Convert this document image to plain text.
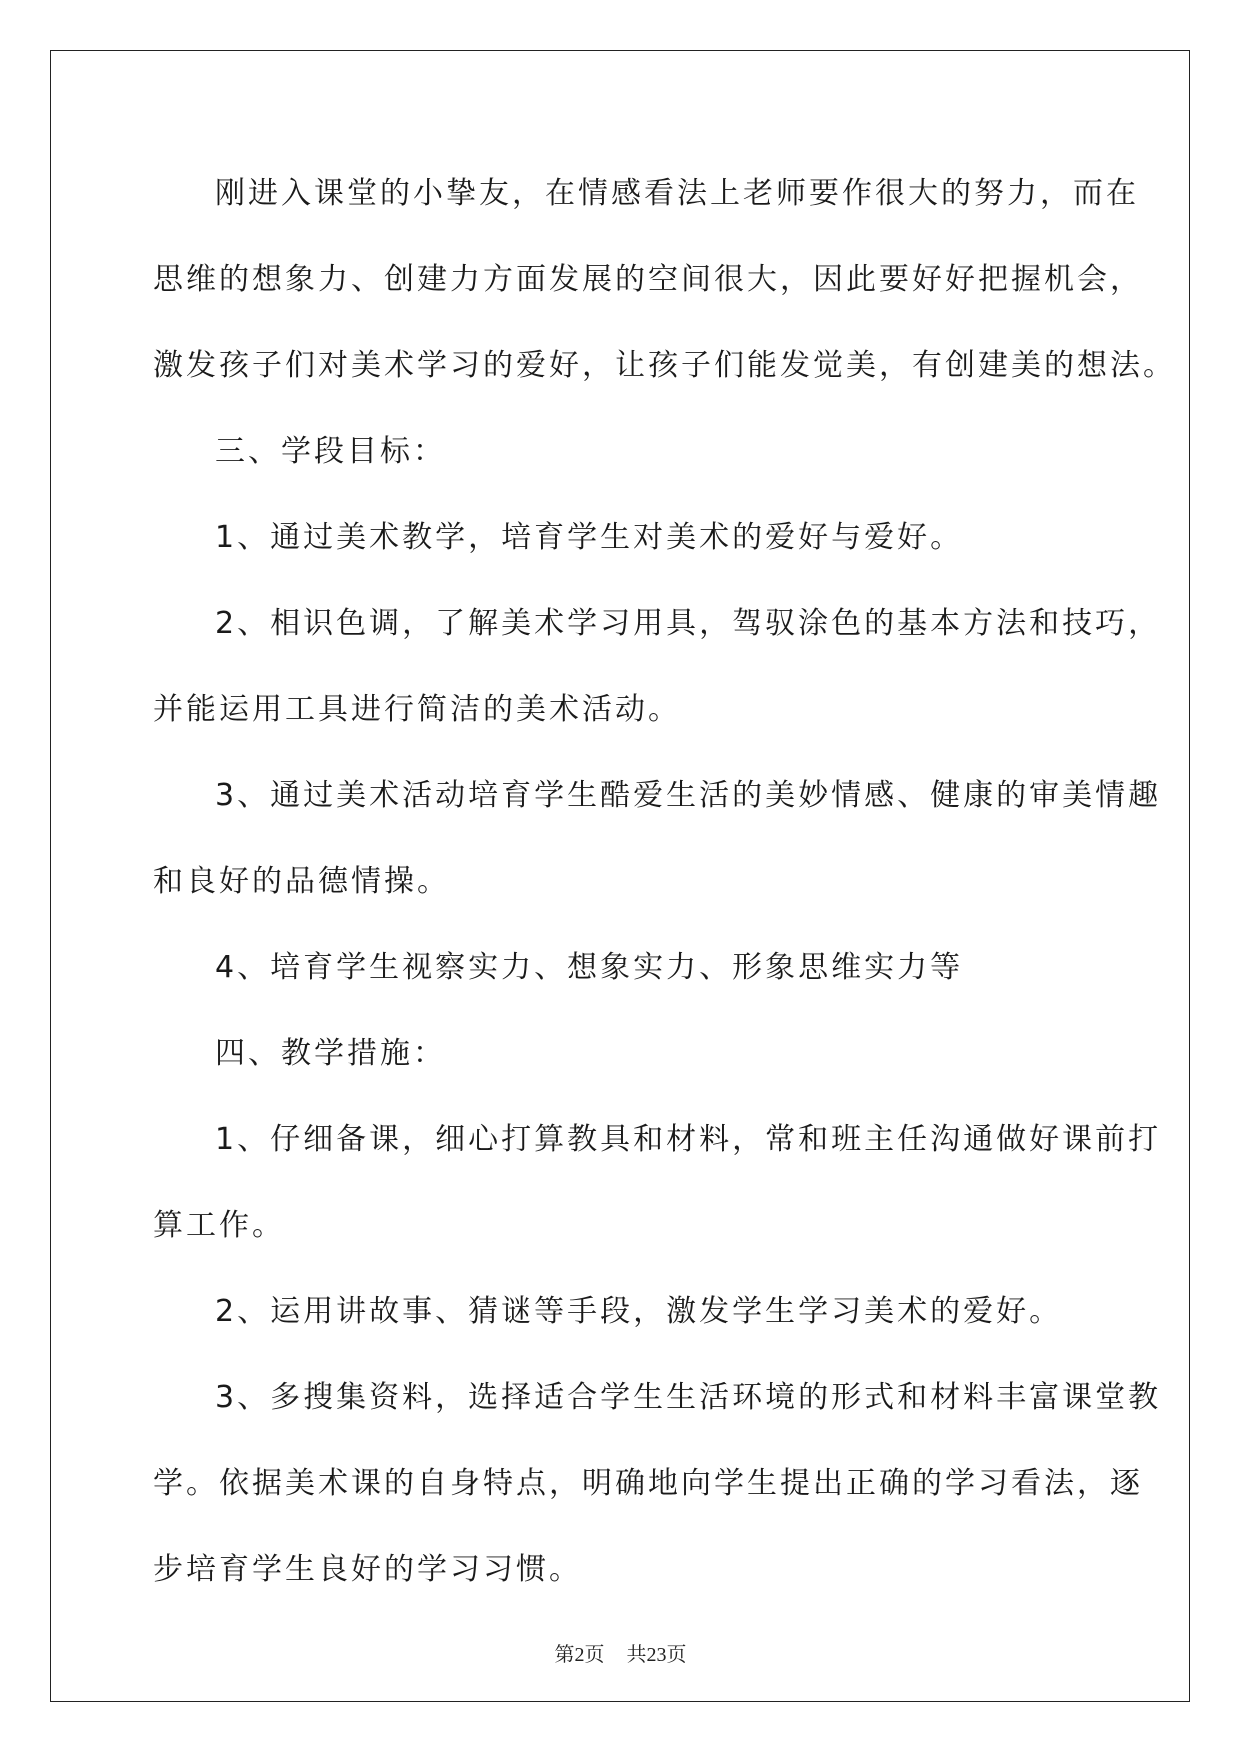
刚进入课堂的小挚友，在情感看法上老师要作很大的努力，而在
思维的想象力、创建力方面发展的空间很大，因此要好好把握机会，
激发孩子们对美术学习的爱好，让孩子们能发觉美，有创建美的想法。
三、学段目标：
1、通过美术教学，培育学生对美术的爱好与爱好。
2、相识色调，了解美术学习用具，驾驭涂色的基本方法和技巧，
并能运用工具进行简洁的美术活动。
3、通过美术活动培育学生酷爱生活的美妙情感、健康的审美情趣
和良好的品德情操。
4、培育学生视察实力、想象实力、形象思维实力等
四、教学措施：
1、仔细备课，细心打算教具和材料，常和班主任沟通做好课前打
算工作。
2、运用讲故事、猜谜等手段，激发学生学习美术的爱好。
3、多搜集资料，选择适合学生生活环境的形式和材料丰富课堂教
学。依据美术课的自身特点，明确地向学生提出正确的学习看法，逐
步培育学生良好的学习习惯。
第2页 共23页
